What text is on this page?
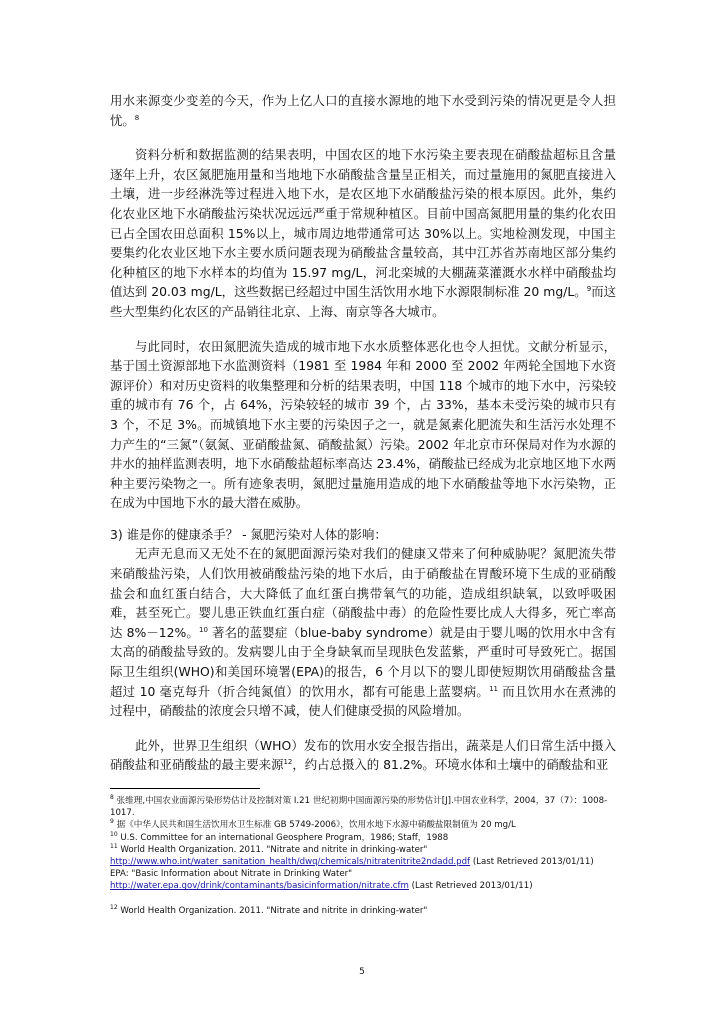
用水来源变少变差的今天，作为上亿人口的直接水源地的地下水受到污染的情况更是令人担忧。$^8$

资料分析和数据监测的结果表明，中国农区的地下水污染主要表现在硝酸盐超标且含量逐年上升，农区氮肥施用量和当地地下水硝酸盐含量呈正相关，而过量施用的氮肥直接进入土壤，进一步经淋洗等过程进入地下水，是农区地下水硝酸盐污染的根本原因。此外，集约化农业区地下水硝酸盐污染状况远远严重于常规种植区。目前中国高氮肥用量的集约化农田已占全国农田总面积 15%以上，城市周边地带通常可达 30%以上。实地检测发现，中国主要集约化农业区地下水主要水质问题表现为硝酸盐含量较高，其中江苏省苏南地区部分集约化种植区的地下水样本的均值为 15.97 mg/L，河北栾城的大棚蔬菜灌溉水水样中硝酸盐均值达到 20.03 mg/L，这些数据已经超过中国生活饮用水地下水源限制标准 20 mg/L。$^9$而这些大型集约化农区的产品销往北京、上海、南京等各大城市。

与此同时，农田氮肥流失造成的城市地下水水质整体恶化也令人担忧。文献分析显示，基于国土资源部地下水监测资料（1981 至 1984 年和 2000 至 2002 年两轮全国地下水资源评价）和对历史资料的收集整理和分析的结果表明，中国 118 个城市的地下水中，污染较重的城市有 76 个，占 64%，污染较轻的城市 39 个，占 33%，基本未受污染的城市只有 3 个，不足 3%。而城镇地下水主要的污染因子之一，就是氮素化肥流失和生活污水处理不力产生的“三氮”（氨氮、亚硝酸盐氮、硝酸盐氮）污染。2002 年北京市环保局对作为水源的井水的抽样监测表明，地下水硝酸盐超标率高达 23.4%，硝酸盐已经成为北京地区地下水两种主要污染物之一。所有迹象表明，氮肥过量施用造成的地下水硝酸盐等地下水污染物，正在成为中国地下水的最大潜在威胁。

3) 谁是你的健康杀手？ - 氮肥污染对人体的影响：

无声无息而又无处不在的氮肥面源污染对我们的健康又带来了何种威胁呢？氮肥流失带来硝酸盐污染，人们饮用被硝酸盐污染的地下水后，由于硝酸盐在胃酸环境下生成的亚硝酸盐会和血红蛋白结合，大大降低了血红蛋白携带氧气的功能，造成组织缺氧，以致呼吸困难，甚至死亡。婴儿患正铁血红蛋白症（硝酸盐中毒）的危险性要比成人大得多，死亡率高达 8%－12%。$^{10}$ 著名的蓝婴症（blue-baby syndrome）就是由于婴儿喝的饮用水中含有太高的硝酸盐导致的。发病婴儿由于全身缺氧而呈现肤色发蓝紫，严重时可导致死亡。据国际卫生组织(WHO)和美国环境署(EPA)的报告，6 个月以下的婴儿即使短期饮用硝酸盐含量超过 10 毫克每升（折合纯氮值）的饮用水，都有可能患上蓝婴病。$^{11}$ 而且饮用水在煮沸的过程中，硝酸盐的浓度会只增不减，使人们健康受损的风险增加。

此外，世界卫生组织（WHO）发布的饮用水安全报告指出，蔬菜是人们日常生活中摄入硝酸盐和亚硝酸盐的最主要来源$^{12}$，约占总摄入的 81.2%。环境水体和土壤中的硝酸盐和亚

$^8$ 张维理,中国农业面源污染形势估计及控制对策 I.21 世纪初期中国面源污染的形势估计[J].中国农业科学，2004，37（7）：1008-1017.

$^9$ 据《中华人民共和国生活饮用水卫生标准 GB 5749-2006》，饮用水地下水源中硝酸盐限制值为 20 mg/L

$^{10}$ U.S. Committee for an international Geosphere Program，1986; Staff，1988

$^{11}$ World Health Organization. 2011. "Nitrate and nitrite in drinking-water"

http://www.who.int/water_sanitation_health/dwq/chemicals/nitratenitrite2ndadd.pdf (Last Retrieved 2013/01/11)

EPA: "Basic Information about Nitrate in Drinking Water"

http://water.epa.gov/drink/contaminants/basicinformation/nitrate.cfm (Last Retrieved 2013/01/11)

$^{12}$ World Health Organization. 2011. "Nitrate and nitrite in drinking-water"

5
